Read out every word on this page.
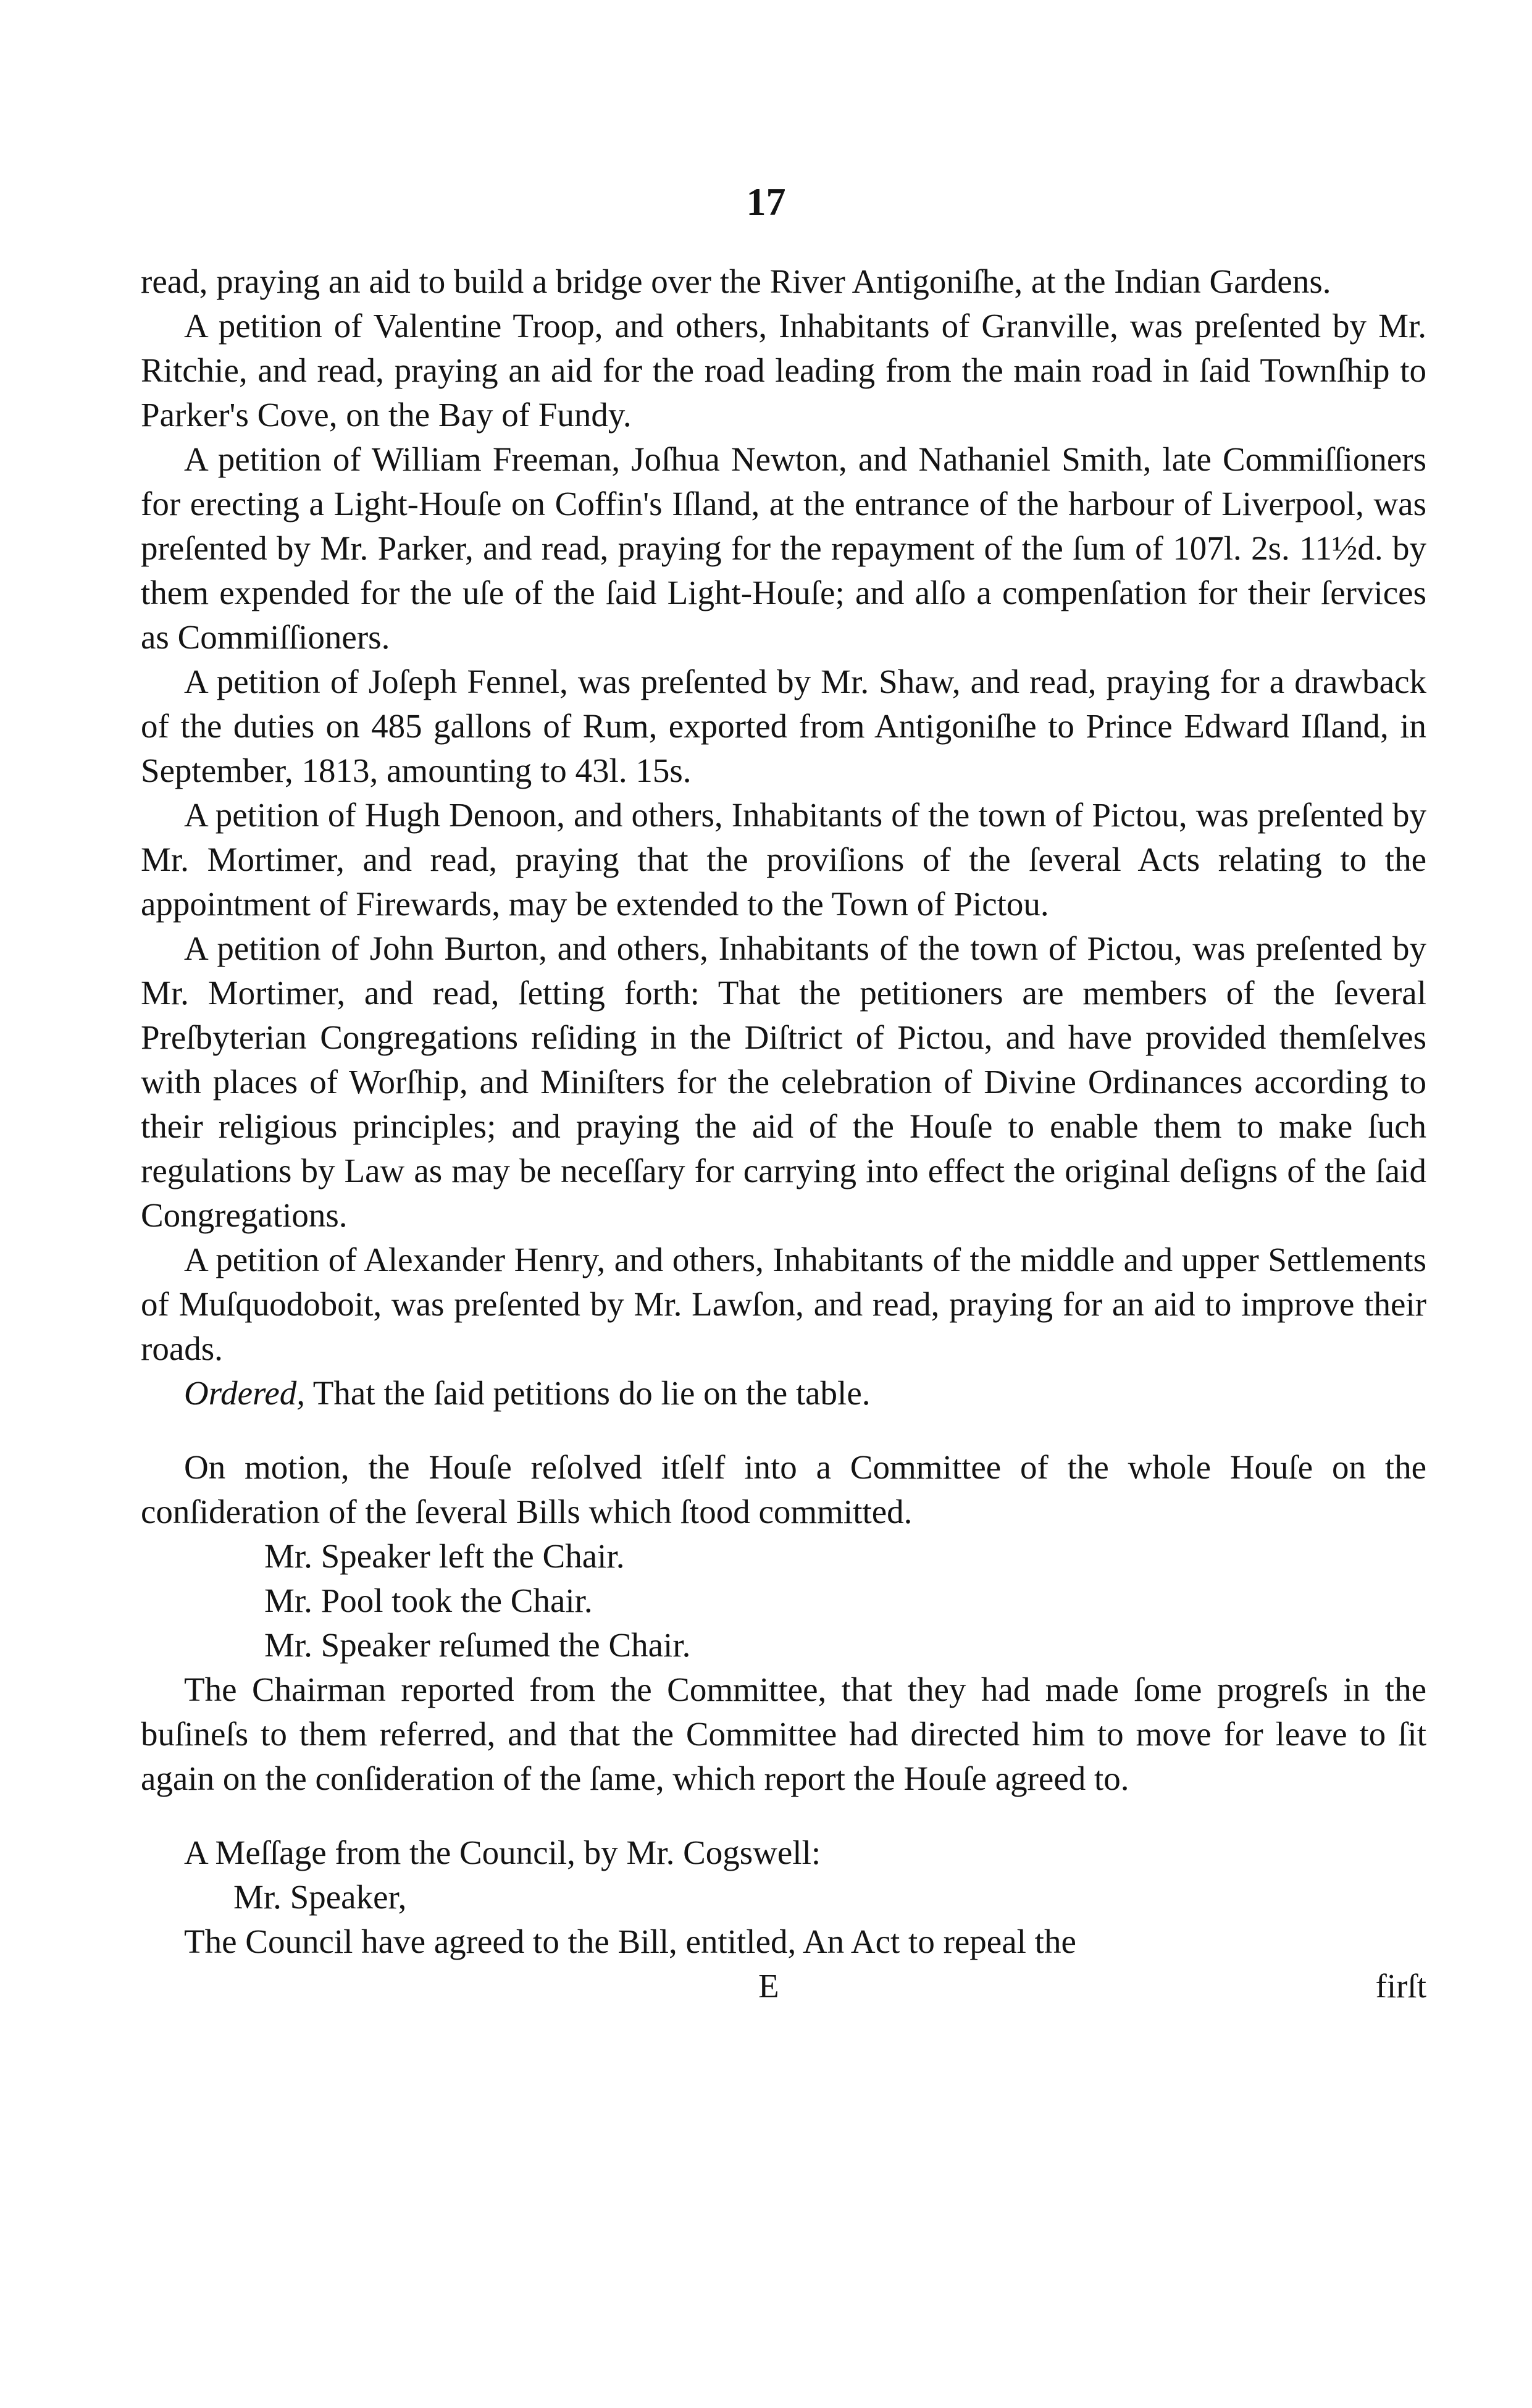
17

read, praying an aid to build a bridge over the River Antigoniſhe, at the Indian Gardens.

A petition of Valentine Troop, and others, Inhabitants of Granville, was preſented by Mr. Ritchie, and read, praying an aid for the road leading from the main road in ſaid Townſhip to Parker's Cove, on the Bay of Fundy.

A petition of William Freeman, Joſhua Newton, and Nathaniel Smith, late Commiſſioners for erecting a Light-Houſe on Coffin's Iſland, at the entrance of the harbour of Liverpool, was preſented by Mr. Parker, and read, praying for the repayment of the ſum of 107l. 2s. 11½d. by them expended for the uſe of the ſaid Light-Houſe; and alſo a compenſation for their ſervices as Commiſſioners.

A petition of Joſeph Fennel, was preſented by Mr. Shaw, and read, praying for a drawback of the duties on 485 gallons of Rum, exported from Antigoniſhe to Prince Edward Iſland, in September, 1813, amounting to 43l. 15s.

A petition of Hugh Denoon, and others, Inhabitants of the town of Pictou, was preſented by Mr. Mortimer, and read, praying that the proviſions of the ſeveral Acts relating to the appointment of Firewards, may be extended to the Town of Pictou.

A petition of John Burton, and others, Inhabitants of the town of Pictou, was preſented by Mr. Mortimer, and read, ſetting forth: That the petitioners are members of the ſeveral Preſbyterian Congregations reſiding in the Diſtrict of Pictou, and have provided themſelves with places of Worſhip, and Miniſters for the celebration of Divine Ordinances according to their religious principles; and praying the aid of the Houſe to enable them to make ſuch regulations by Law as may be neceſſary for carrying into effect the original deſigns of the ſaid Congregations.

A petition of Alexander Henry, and others, Inhabitants of the middle and upper Settlements of Muſquodoboit, was preſented by Mr. Lawſon, and read, praying for an aid to improve their roads.

Ordered, That the ſaid petitions do lie on the table.

On motion, the Houſe reſolved itſelf into a Committee of the whole Houſe on the conſideration of the ſeveral Bills which ſtood committed.

Mr. Speaker left the Chair.

Mr. Pool took the Chair.

Mr. Speaker reſumed the Chair.

The Chairman reported from the Committee, that they had made ſome progreſs in the buſineſs to them referred, and that the Committee had directed him to move for leave to ſit again on the conſideration of the ſame, which report the Houſe agreed to.

A Meſſage from the Council, by Mr. Cogswell:

Mr. Speaker,

The Council have agreed to the Bill, entitled, An Act to repeal the

E	firſt
